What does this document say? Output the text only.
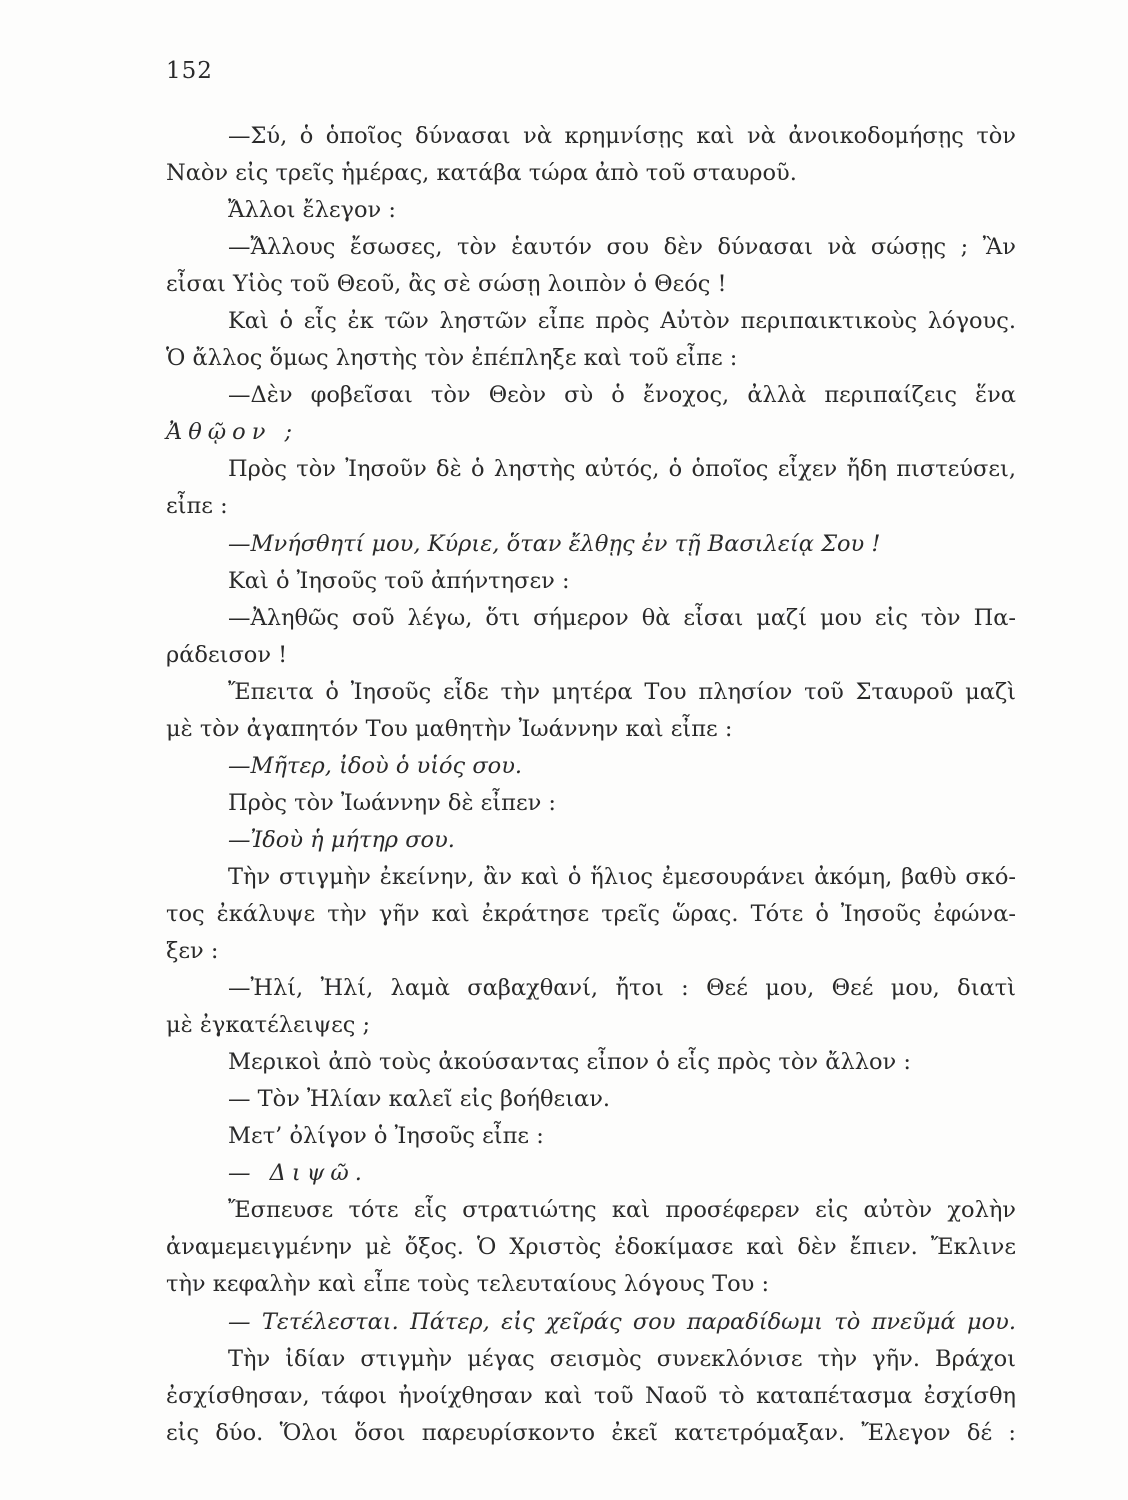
152
—Σύ, ὁ ὁποῖος δύνασαι νὰ κρημνίσῃς καὶ νὰ ἀνοικοδομήσῃς τὸν
Ναὸν εἰς τρεῖς ἡμέρας, κατάβα τώρα ἀπὸ τοῦ σταυροῦ.
Ἄλλοι ἔλεγον :
—Ἄλλους ἔσωσες, τὸν ἑαυτόν σου δὲν δύνασαι νὰ σώσῃς ; Ἂν
εἶσαι Υἱὸς τοῦ Θεοῦ, ἂς σὲ σώσῃ λοιπὸν ὁ Θεός !
Καὶ ὁ εἷς ἐκ τῶν ληστῶν εἶπε πρὸς Αὐτὸν περιπαικτικοὺς λόγους.
Ὁ ἄλλος ὅμως ληστὴς τὸν ἐπέπληξε καὶ τοῦ εἶπε :
—Δὲν φοβεῖσαι τὸν Θεὸν σὺ ὁ ἔνοχος, ἀλλὰ περιπαίζεις ἕνα
Ἀθῷον ;
Πρὸς τὸν Ἰησοῦν δὲ ὁ ληστὴς αὐτός, ὁ ὁποῖος εἶχεν ἤδη πιστεύσει,
εἶπε :
—Μνήσθητί μου, Κύριε, ὅταν ἔλθῃς ἐν τῇ Βασιλείᾳ Σου !
Καὶ ὁ Ἰησοῦς τοῦ ἀπήντησεν :
—Ἀληθῶς σοῦ λέγω, ὅτι σήμερον θὰ εἶσαι μαζί μου εἰς τὸν Πα-
ράδεισον !
Ἔπειτα ὁ Ἰησοῦς εἶδε τὴν μητέρα Του πλησίον τοῦ Σταυροῦ μαζὶ
μὲ τὸν ἀγαπητόν Του μαθητὴν Ἰωάννην καὶ εἶπε :
—Μῆτερ, ἰδοὺ ὁ υἱός σου.
Πρὸς τὸν Ἰωάννην δὲ εἶπεν :
—Ἰδοὺ ἡ μήτηρ σου.
Τὴν στιγμὴν ἐκείνην, ἂν καὶ ὁ ἥλιος ἐμεσουράνει ἀκόμη, βαθὺ σκό-
τος ἐκάλυψε τὴν γῆν καὶ ἐκράτησε τρεῖς ὥρας. Τότε ὁ Ἰησοῦς ἐφώνα-
ξεν :
—Ἠλί, Ἠλί, λαμὰ σαβαχθανί, ἤτοι : Θεέ μου, Θεέ μου, διατὶ
μὲ ἐγκατέλειψες ;
Μερικοὶ ἀπὸ τοὺς ἀκούσαντας εἶπον ὁ εἷς πρὸς τὸν ἄλλον :
— Τὸν Ἠλίαν καλεῖ εἰς βοήθειαν.
Μετ’ ὀλίγον ὁ Ἰησοῦς εἶπε :
— Διψῶ.
Ἔσπευσε τότε εἷς στρατιώτης καὶ προσέφερεν εἰς αὐτὸν χολὴν
ἀναμεμειγμένην μὲ ὄξος. Ὁ Χριστὸς ἐδοκίμασε καὶ δὲν ἔπιεν. Ἔκλινε
τὴν κεφαλὴν καὶ εἶπε τοὺς τελευταίους λόγους Του :
— Τετέλεσται. Πάτερ, εἰς χεῖράς σου παραδίδωμι τὸ πνεῦμά μου.
Τὴν ἰδίαν στιγμὴν μέγας σεισμὸς συνεκλόνισε τὴν γῆν. Βράχοι
ἐσχίσθησαν, τάφοι ἠνοίχθησαν καὶ τοῦ Ναοῦ τὸ καταπέτασμα ἐσχίσθη
εἰς δύο. Ὅλοι ὅσοι παρευρίσκοντο ἐκεῖ κατετρόμαξαν. Ἔλεγον δέ :
